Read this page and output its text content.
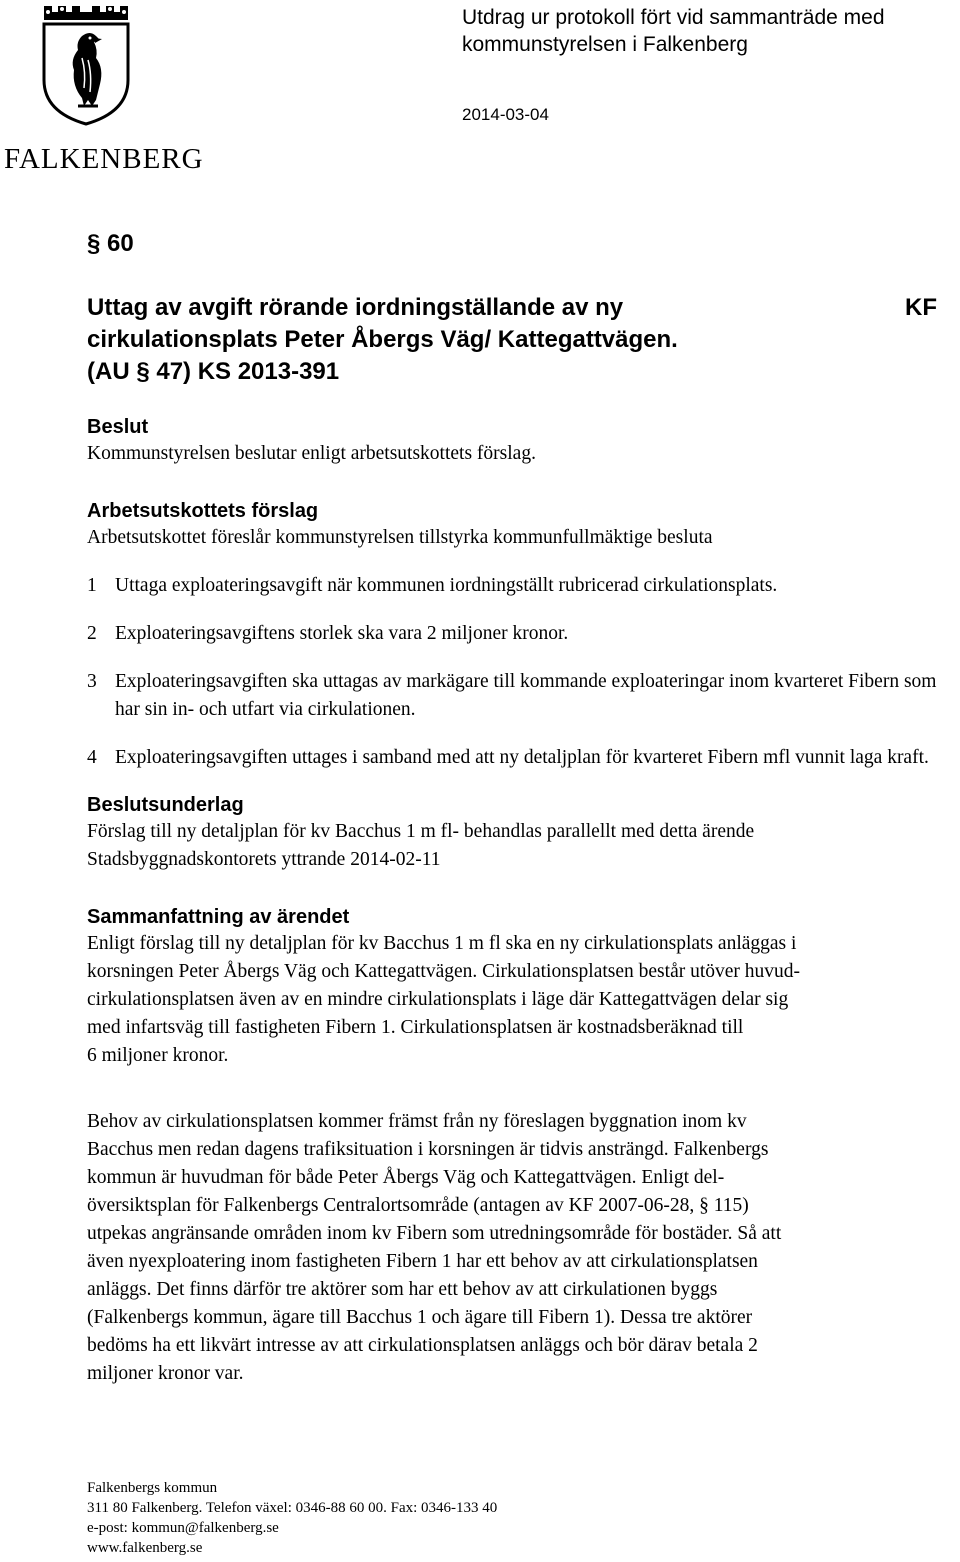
FALKENBERG
Utdrag ur protokoll fört vid sammanträde med
kommunstyrelsen i Falkenberg
2014-03-04
§ 60
Uttag av avgift rörande iordningställande av ny
cirkulationsplats Peter Åbergs Väg/ Kattegattvägen.
(AU § 47) KS 2013-391
KF
Beslut

Kommunstyrelsen beslutar enligt arbetsutskottets förslag.

Arbetsutskottets förslag

Arbetsutskottet föreslår kommunstyrelsen tillstyrka kommunfullmäktige besluta

1 Uttaga exploateringsavgift när kommunen iordningställt rubricerad cirkulationsplats.
2 Exploateringsavgiftens storlek ska vara 2 miljoner kronor.
3 Exploateringsavgiften ska uttagas av markägare till kommande exploateringar inom kvarteret Fibern som har sin in- och utfart via cirkulationen.
4 Exploateringsavgiften uttages i samband med att ny detaljplan för kvarteret Fibern mfl vunnit laga kraft.
Beslutsunderlag

Förslag till ny detaljplan för kv Bacchus 1 m fl- behandlas parallellt med detta ärende

Stadsbyggnadskontorets yttrande 2014-02-11

Sammanfattning av ärendet

Enligt förslag till ny detaljplan för kv Bacchus 1 m fl ska en ny cirkulationsplats anläggas i

korsningen Peter Åbergs Väg och Kattegattvägen. Cirkulationsplatsen består utöver huvud-

cirkulationsplatsen även av en mindre cirkulationsplats i läge där Kattegattvägen delar sig

med infartsväg till fastigheten Fibern 1. Cirkulationsplatsen är kostnadsberäknad till

6 miljoner kronor.

Behov av cirkulationsplatsen kommer främst från ny föreslagen byggnation inom kv

Bacchus men redan dagens trafiksituation i korsningen är tidvis ansträngd. Falkenbergs

kommun är huvudman för både Peter Åbergs Väg och Kattegattvägen. Enligt del-

översiktsplan för Falkenbergs Centralortsområde (antagen av KF 2007-06-28, § 115)

utpekas angränsande områden inom kv Fibern som utredningsområde för bostäder. Så att

även nyexploatering inom fastigheten Fibern 1 har ett behov av att cirkulationsplatsen

anläggs. Det finns därför tre aktörer som har ett behov av att cirkulationen byggs

(Falkenbergs kommun, ägare till Bacchus 1 och ägare till Fibern 1). Dessa tre aktörer

bedöms ha ett likvärt intresse av att cirkulationsplatsen anläggs och bör därav betala 2

miljoner kronor var.

Falkenbergs kommun
311 80 Falkenberg. Telefon växel: 0346-88 60 00. Fax: 0346-133 40
e-post: kommun@falkenberg.se
www.falkenberg.se
